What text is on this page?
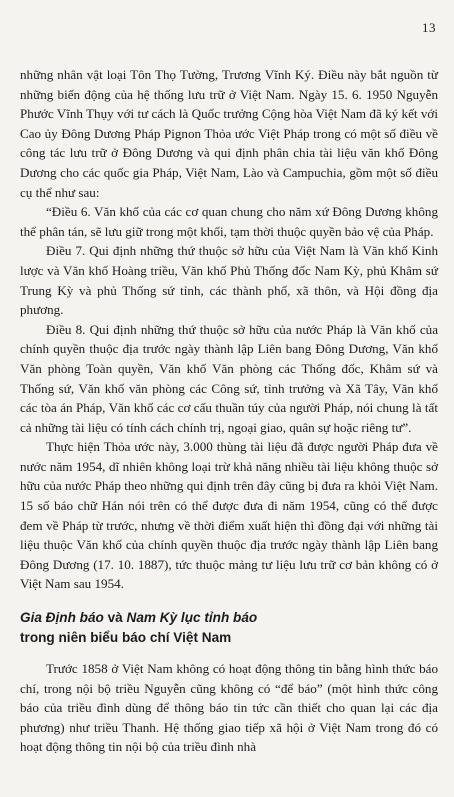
13

những nhân vật loại Tôn Thọ Tường, Trương Vĩnh Ký. Điều này bắt nguồn từ những biến động của hệ thống lưu trữ ở Việt Nam. Ngày 15. 6. 1950 Nguyễn Phước Vĩnh Thụy với tư cách là Quốc trưởng Cộng hòa Việt Nam đã ký kết với Cao ủy Đông Dương Pháp Pignon Thỏa ước Việt Pháp trong có một số điều về công tác lưu trữ ở Đông Dương và qui định phân chia tài liệu văn khố Đông Dương cho các quốc gia Pháp, Việt Nam, Lào và Campuchia, gồm một số điều cụ thể như sau:

“Điều 6. Văn khố của các cơ quan chung cho năm xứ Đông Dương không thể phân tán, sẽ lưu giữ trong một khối, tạm thời thuộc quyền bảo vệ của Pháp.

Điều 7. Qui định những thứ thuộc sở hữu của Việt Nam là Văn khố Kinh lược và Văn khố Hoàng triều, Văn khố Phủ Thống đốc Nam Kỳ, phủ Khâm sứ Trung Kỳ và phủ Thống sứ tỉnh, các thành phố, xã thôn, và Hội đồng địa phương.

Điều 8. Qui định những thứ thuộc sở hữu của nước Pháp là Văn khố của chính quyền thuộc địa trước ngày thành lập Liên bang Đông Dương, Văn khố Văn phòng Toàn quyền, Văn khố Văn phòng các Thống đốc, Khâm sứ và Thống sứ, Văn khố văn phòng các Công sứ, tỉnh trưởng và Xã Tây, Văn khố các tòa án Pháp, Văn khố các cơ cấu thuần túy của người Pháp, nói chung là tất cả những tài liệu có tính cách chính trị, ngoại giao, quân sự hoặc riêng tư”.

Thực hiện Thỏa ước này, 3.000 thùng tài liệu đã được người Pháp đưa về nước năm 1954, dĩ nhiên không loại trừ khả năng nhiều tài liệu không thuộc sở hữu của nước Pháp theo những qui định trên đây cũng bị đưa ra khỏi Việt Nam. 15 số báo chữ Hán nói trên có thể được đưa đi năm 1954, cũng có thể được đem về Pháp từ trước, nhưng về thời điểm xuất hiện thì đồng đại với những tài liệu thuộc Văn khố của chính quyền thuộc địa trước ngày thành lập Liên bang Đông Dương (17. 10. 1887), tức thuộc mảng tư liệu lưu trữ cơ bản không có ở Việt Nam sau 1954.

Gia Định báo và Nam Kỳ lục tỉnh báo
trong niên biểu báo chí Việt Nam

Trước 1858 ở Việt Nam không có hoạt động thông tin bằng hình thức báo chí, trong nội bộ triều Nguyễn cũng không có “để báo” (một hình thức công báo của triều đình dùng để thông báo tin tức cần thiết cho quan lại các địa phương) như triều Thanh. Hệ thống giao tiếp xã hội ở Việt Nam trong đó có hoạt động thông tin nội bộ của triều đình nhà
